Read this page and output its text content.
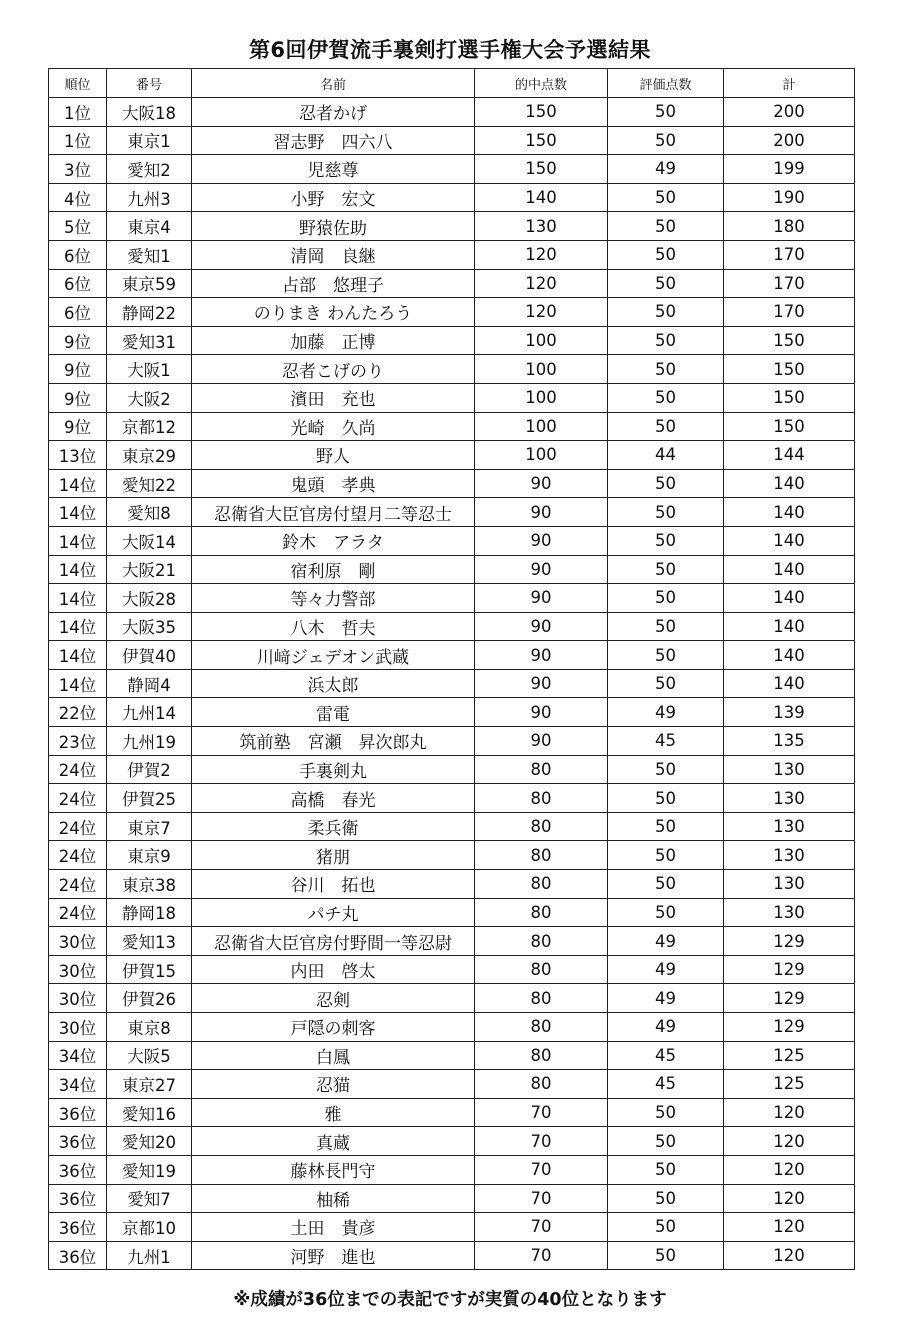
第6回伊賀流手裏剣打選手権大会予選結果
順位	番号	名前	的中点数	評価点数	計
1位	大阪18	忍者かげ	150	50	200
1位	東京1	習志野　四六八	150	50	200
3位	愛知2	児慈尊	150	49	199
4位	九州3	小野　宏文	140	50	190
5位	東京4	野猿佐助	130	50	180
6位	愛知1	清岡　良継	120	50	170
6位	東京59	占部　悠理子	120	50	170
6位	静岡22	のりまき わんたろう	120	50	170
9位	愛知31	加藤　正博	100	50	150
9位	大阪1	忍者こげのり	100	50	150
9位	大阪2	濱田　充也	100	50	150
9位	京都12	光崎　久尚	100	50	150
13位	東京29	野人	100	44	144
14位	愛知22	鬼頭　孝典	90	50	140
14位	愛知8	忍衛省大臣官房付望月二等忍士	90	50	140
14位	大阪14	鈴木　アラタ	90	50	140
14位	大阪21	宿利原　剛	90	50	140
14位	大阪28	等々力警部	90	50	140
14位	大阪35	八木　哲夫	90	50	140
14位	伊賀40	川﨑ジェデオン武蔵	90	50	140
14位	静岡4	浜太郎	90	50	140
22位	九州14	雷電	90	49	139
23位	九州19	筑前塾　宮瀬　昇次郎丸	90	45	135
24位	伊賀2	手裏剣丸	80	50	130
24位	伊賀25	高橋　春光	80	50	130
24位	東京7	柔兵衛	80	50	130
24位	東京9	猪朋	80	50	130
24位	東京38	谷川　拓也	80	50	130
24位	静岡18	パチ丸	80	50	130
30位	愛知13	忍衛省大臣官房付野間一等忍尉	80	49	129
30位	伊賀15	内田　啓太	80	49	129
30位	伊賀26	忍剣	80	49	129
30位	東京8	戸隠の刺客	80	49	129
34位	大阪5	白鳳	80	45	125
34位	東京27	忍猫	80	45	125
36位	愛知16	雅	70	50	120
36位	愛知20	真蔵	70	50	120
36位	愛知19	藤林長門守	70	50	120
36位	愛知7	柚稀	70	50	120
36位	京都10	土田　貴彦	70	50	120
36位	九州1	河野　進也	70	50	120
※成績が36位までの表記ですが実質の40位となります
